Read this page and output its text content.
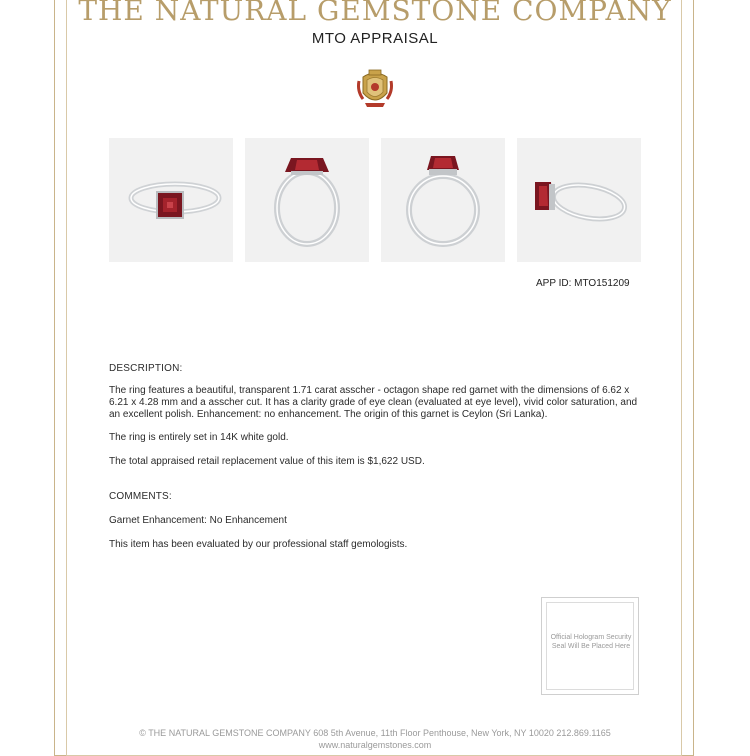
THE NATURAL GEMSTONE COMPANY
MTO APPRAISAL
APP ID: MTO151209
DESCRIPTION:
The ring features a beautiful, transparent 1.71 carat asscher - octagon shape red garnet with the dimensions of 6.62 x 6.21 x 4.28 mm and a asscher cut. It has a clarity grade of eye clean (evaluated at eye level), vivid color saturation, and an excellent polish. Enhancement: no enhancement. The origin of this garnet is Ceylon (Sri Lanka).
The ring is entirely set in 14K white gold.
The total appraised retail replacement value of this item is $1,622 USD.
COMMENTS:
Garnet Enhancement: No Enhancement
This item has been evaluated by our professional staff gemologists.
Official Hologram Security Seal Will Be Placed Here
© THE NATURAL GEMSTONE COMPANY 608 5th Avenue, 11th Floor Penthouse, New York, NY 10020 212.869.1165
www.naturalgemstones.com
